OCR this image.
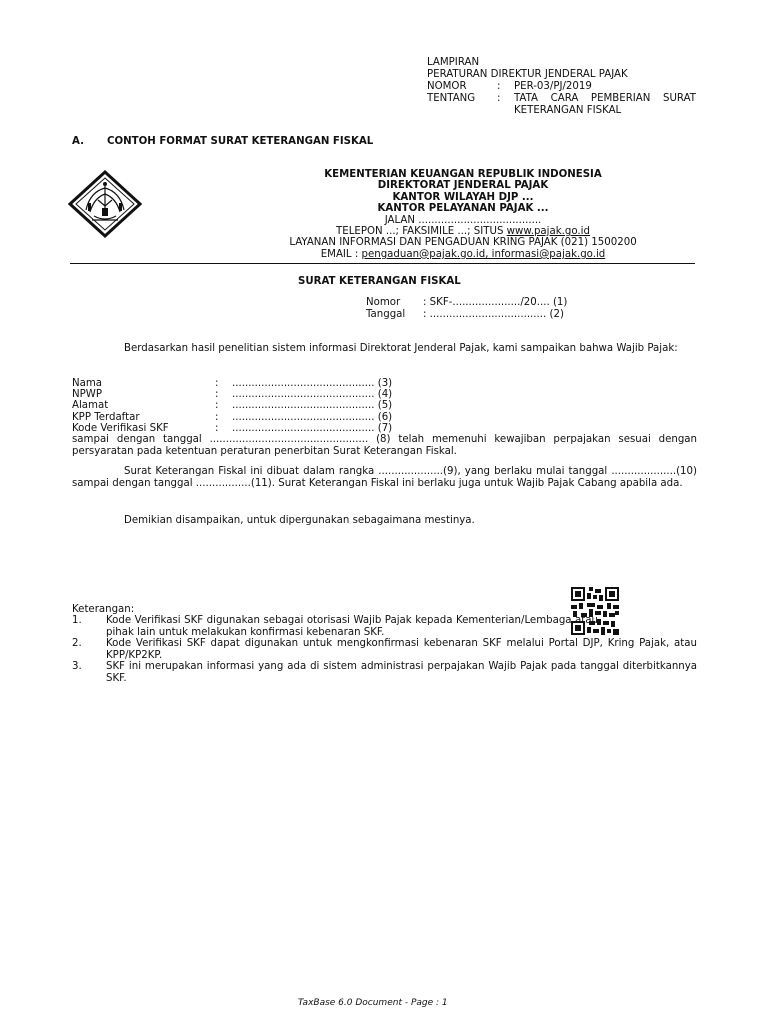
LAMPIRAN
PERATURAN DIREKTUR JENDERAL PAJAK
NOMOR	:	PER-03/PJ/2019
TENTANG	:	TATA CARA PEMBERIAN SURAT KETERANGAN FISKAL
A. CONTOH FORMAT SURAT KETERANGAN FISKAL
KEMENTERIAN KEUANGAN REPUBLIK INDONESIA
DIREKTORAT JENDERAL PAJAK
KANTOR WILAYAH DJP ...
KANTOR PELAYANAN PAJAK ...
JALAN ......................................
TELEPON ...; FAKSIMILE ...; SITUS www.pajak.go.id
LAYANAN INFORMASI DAN PENGADUAN KRING PAJAK (021) 1500200
EMAIL : pengaduan@pajak.go.id, informasi@pajak.go.id
SURAT KETERANGAN FISKAL
Nomor	: SKF-...................../20.... (1)
Tanggal	: .................................... (2)
Berdasarkan hasil penelitian sistem informasi Direktorat Jenderal Pajak, kami sampaikan bahwa Wajib Pajak:
Nama	:	............................................ (3)
NPWP	:	............................................ (4)
Alamat	:	............................................ (5)
KPP Terdaftar	:	............................................ (6)
Kode Verifikasi SKF	:	............................................ (7)
sampai dengan tanggal ................................................. (8) telah memenuhi kewajiban perpajakan sesuai dengan persyaratan pada ketentuan peraturan penerbitan Surat Keterangan Fiskal.
Surat Keterangan Fiskal ini dibuat dalam rangka ....................(9), yang berlaku mulai tanggal ....................(10) sampai dengan tanggal .................(11). Surat Keterangan Fiskal ini berlaku juga untuk Wajib Pajak Cabang apabila ada.
Demikian disampaikan, untuk dipergunakan sebagaimana mestinya.
Keterangan:
1.	Kode Verifikasi SKF digunakan sebagai otorisasi Wajib Pajak kepada Kementerian/Lembaga atau pihak lain untuk melakukan konfirmasi kebenaran SKF.
2.	Kode Verifikasi SKF dapat digunakan untuk mengkonfirmasi kebenaran SKF melalui Portal DJP, Kring Pajak, atau KPP/KP2KP.
3.	SKF ini merupakan informasi yang ada di sistem administrasi perpajakan Wajib Pajak pada tanggal diterbitkannya SKF.
TaxBase 6.0 Document - Page : 1
